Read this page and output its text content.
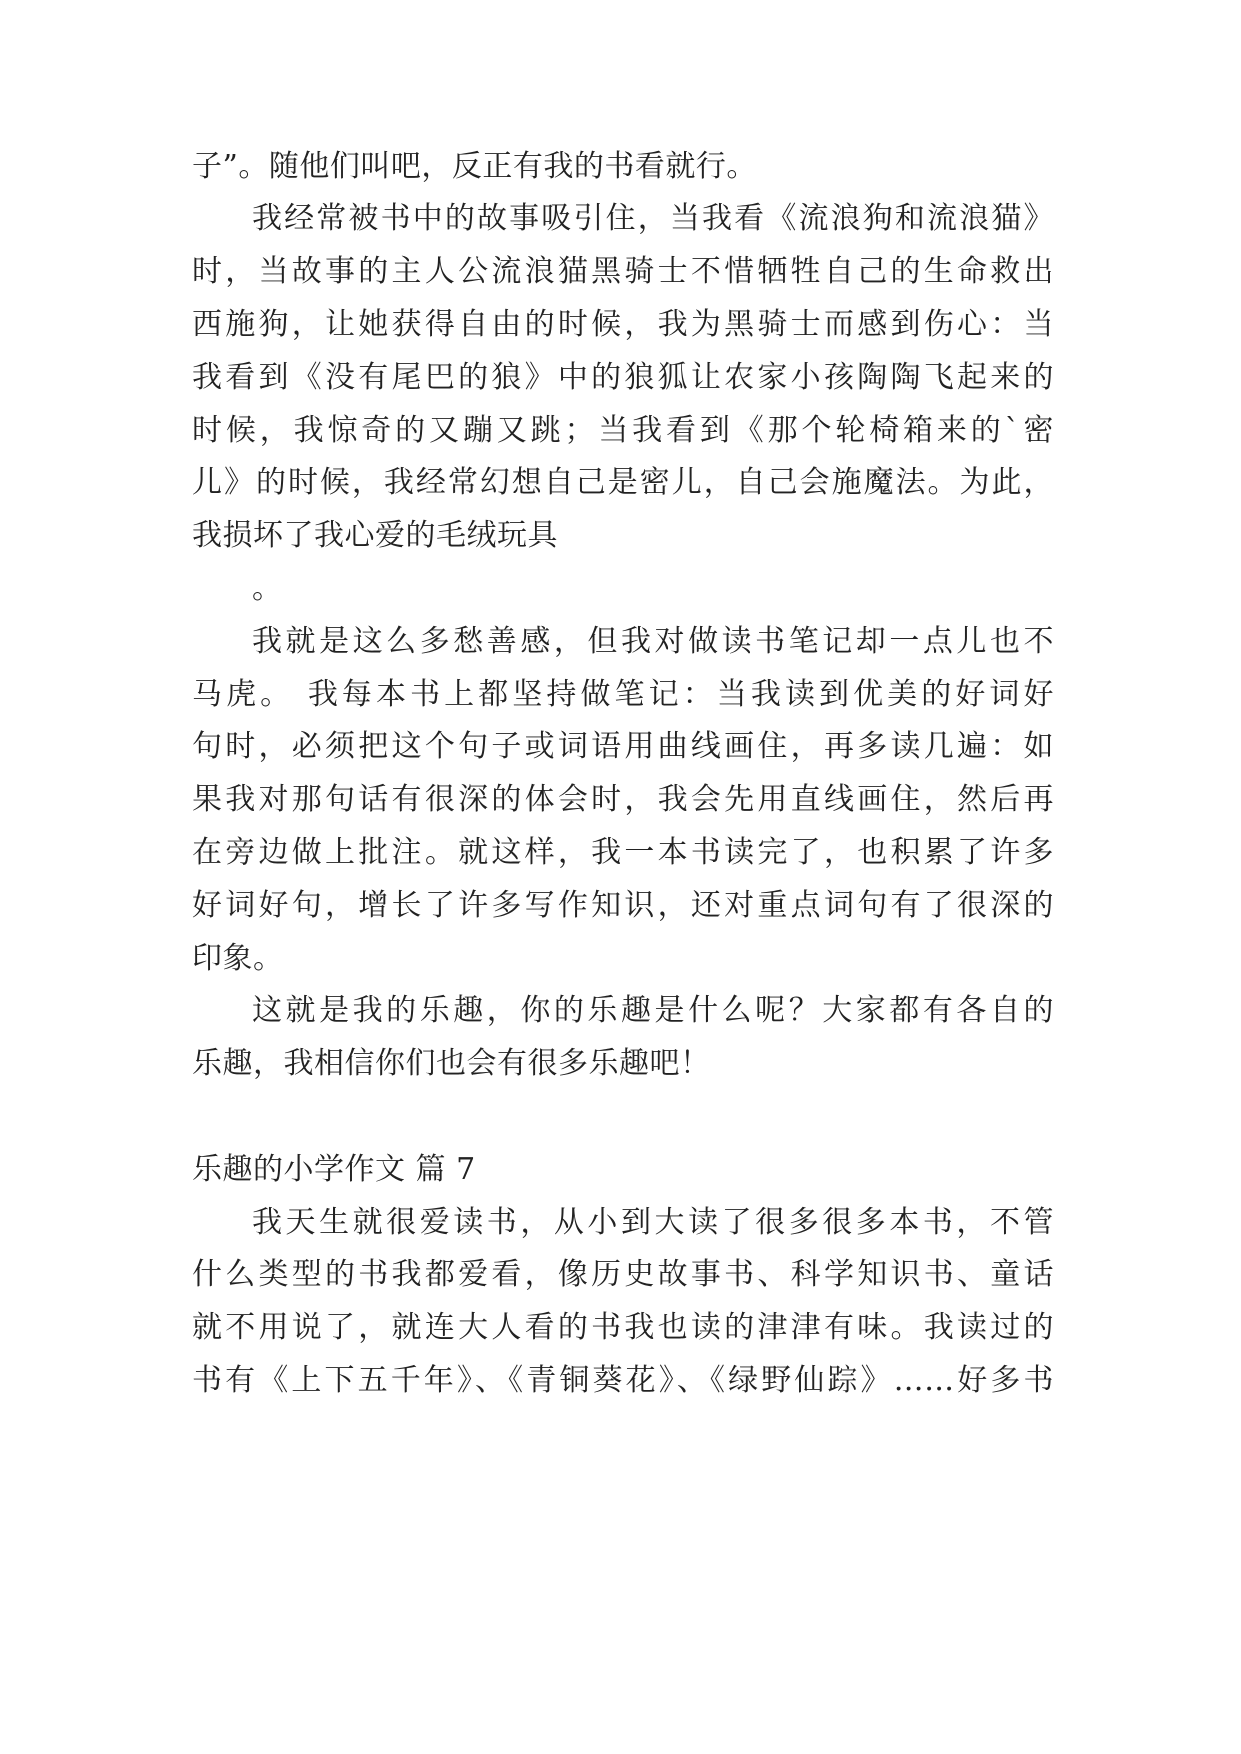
子”。随他们叫吧，反正有我的书看就行。
我经常被书中的故事吸引住，当我看《流浪狗和流浪猫》
时，当故事的主人公流浪猫黑骑士不惜牺牲自己的生命救出
西施狗，让她获得自由的时候，我为黑骑士而感到伤心：当
我看到《没有尾巴的狼》中的狼狐让农家小孩陶陶飞起来的
时候，我惊奇的又蹦又跳；当我看到《那个轮椅箱来的`密
儿》的时候，我经常幻想自己是密儿，自己会施魔法。为此，
我损坏了我心爱的毛绒玩具
。
我就是这么多愁善感，但我对做读书笔记却一点儿也不
马虎。 我每本书上都坚持做笔记：当我读到优美的好词好
句时，必须把这个句子或词语用曲线画住，再多读几遍：如
果我对那句话有很深的体会时，我会先用直线画住，然后再
在旁边做上批注。就这样，我一本书读完了，也积累了许多
好词好句，增长了许多写作知识，还对重点词句有了很深的
印象。
这就是我的乐趣，你的乐趣是什么呢？大家都有各自的
乐趣，我相信你们也会有很多乐趣吧！
乐趣的小学作文 篇 7
我天生就很爱读书，从小到大读了很多很多本书，不管
什么类型的书我都爱看，像历史故事书、科学知识书、童话
就不用说了，就连大人看的书我也读的津津有味。我读过的
书有《上下五千年》、《青铜葵花》、《绿野仙踪》……好多书
